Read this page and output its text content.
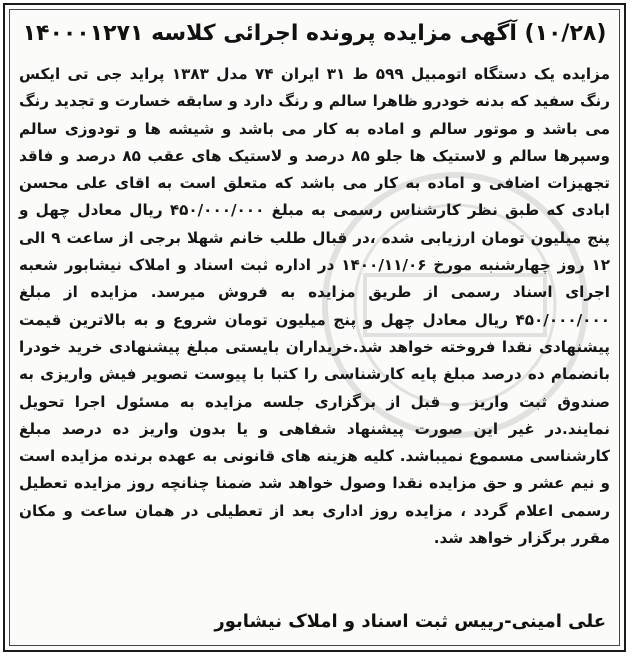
(۱۰/۲۸) آگهی مزایده پرونده اجرائی کلاسه ۱۴۰۰۰۱۲۷۱
مزایده یک دستگاه اتومبیل ۵۹۹ ط ۳۱ ایران ۷۴ مدل ۱۳۸۳ پراید جی تی ایکس رنگ سفید که بدنه خودرو ظاهرا سالم و رنگ دارد و سابقه خسارت و تجدید رنگ می باشد و موتور سالم و اماده به کار می باشد و شیشه ها و تودوزی سالم وسپرها سالم و لاستیک ها جلو ۸۵ درصد و لاستیک های عقب ۸۵ درصد و فاقد تجهیزات اضافی و اماده به کار می باشد که متعلق است به اقای علی محسن ابادی که طبق نظر کارشناس رسمی به مبلغ ۴۵۰/۰۰۰/۰۰۰ ریال معادل چهل و پنج میلیون تومان ارزیابی شده ،در قبال طلب خانم شهلا برجی از ساعت ۹ الی ۱۲ روز چهارشنبه مورخ ۱۴۰۰/۱۱/۰۶ در اداره ثبت اسناد و املاک نیشابور شعبه اجرای اسناد رسمی از طریق مزایده به فروش میرسد. مزایده از مبلغ ۴۵۰/۰۰۰/۰۰۰ ریال معادل چهل و پنج میلیون تومان شروع و به بالاترین قیمت پیشنهادی نقدا فروخته خواهد شد.خریداران بایستی مبلغ پیشنهادی خرید خودرا بانضمام ده درصد مبلغ پایه کارشناسی را کتبا با پیوست تصویر فیش واریزی به صندوق ثبت واریز و قبل از برگزاری جلسه مزایده به مسئول اجرا تحویل نمایند.در غیر این صورت پیشنهاد شفاهی و یا بدون واریز ده درصد مبلغ کارشناسی مسموع نمیباشد. کلیه هزینه های قانونی به عهده برنده مزایده است و نیم عشر و حق مزایده نقدا وصول خواهد شد ضمنا چنانچه روز مزایده تعطیل رسمی اعلام گردد ، مزایده روز اداری بعد از تعطیلی در همان ساعت و مکان مقرر برگزار خواهد شد.
علی امینی-رییس ثبت اسناد و املاک نیشابور
